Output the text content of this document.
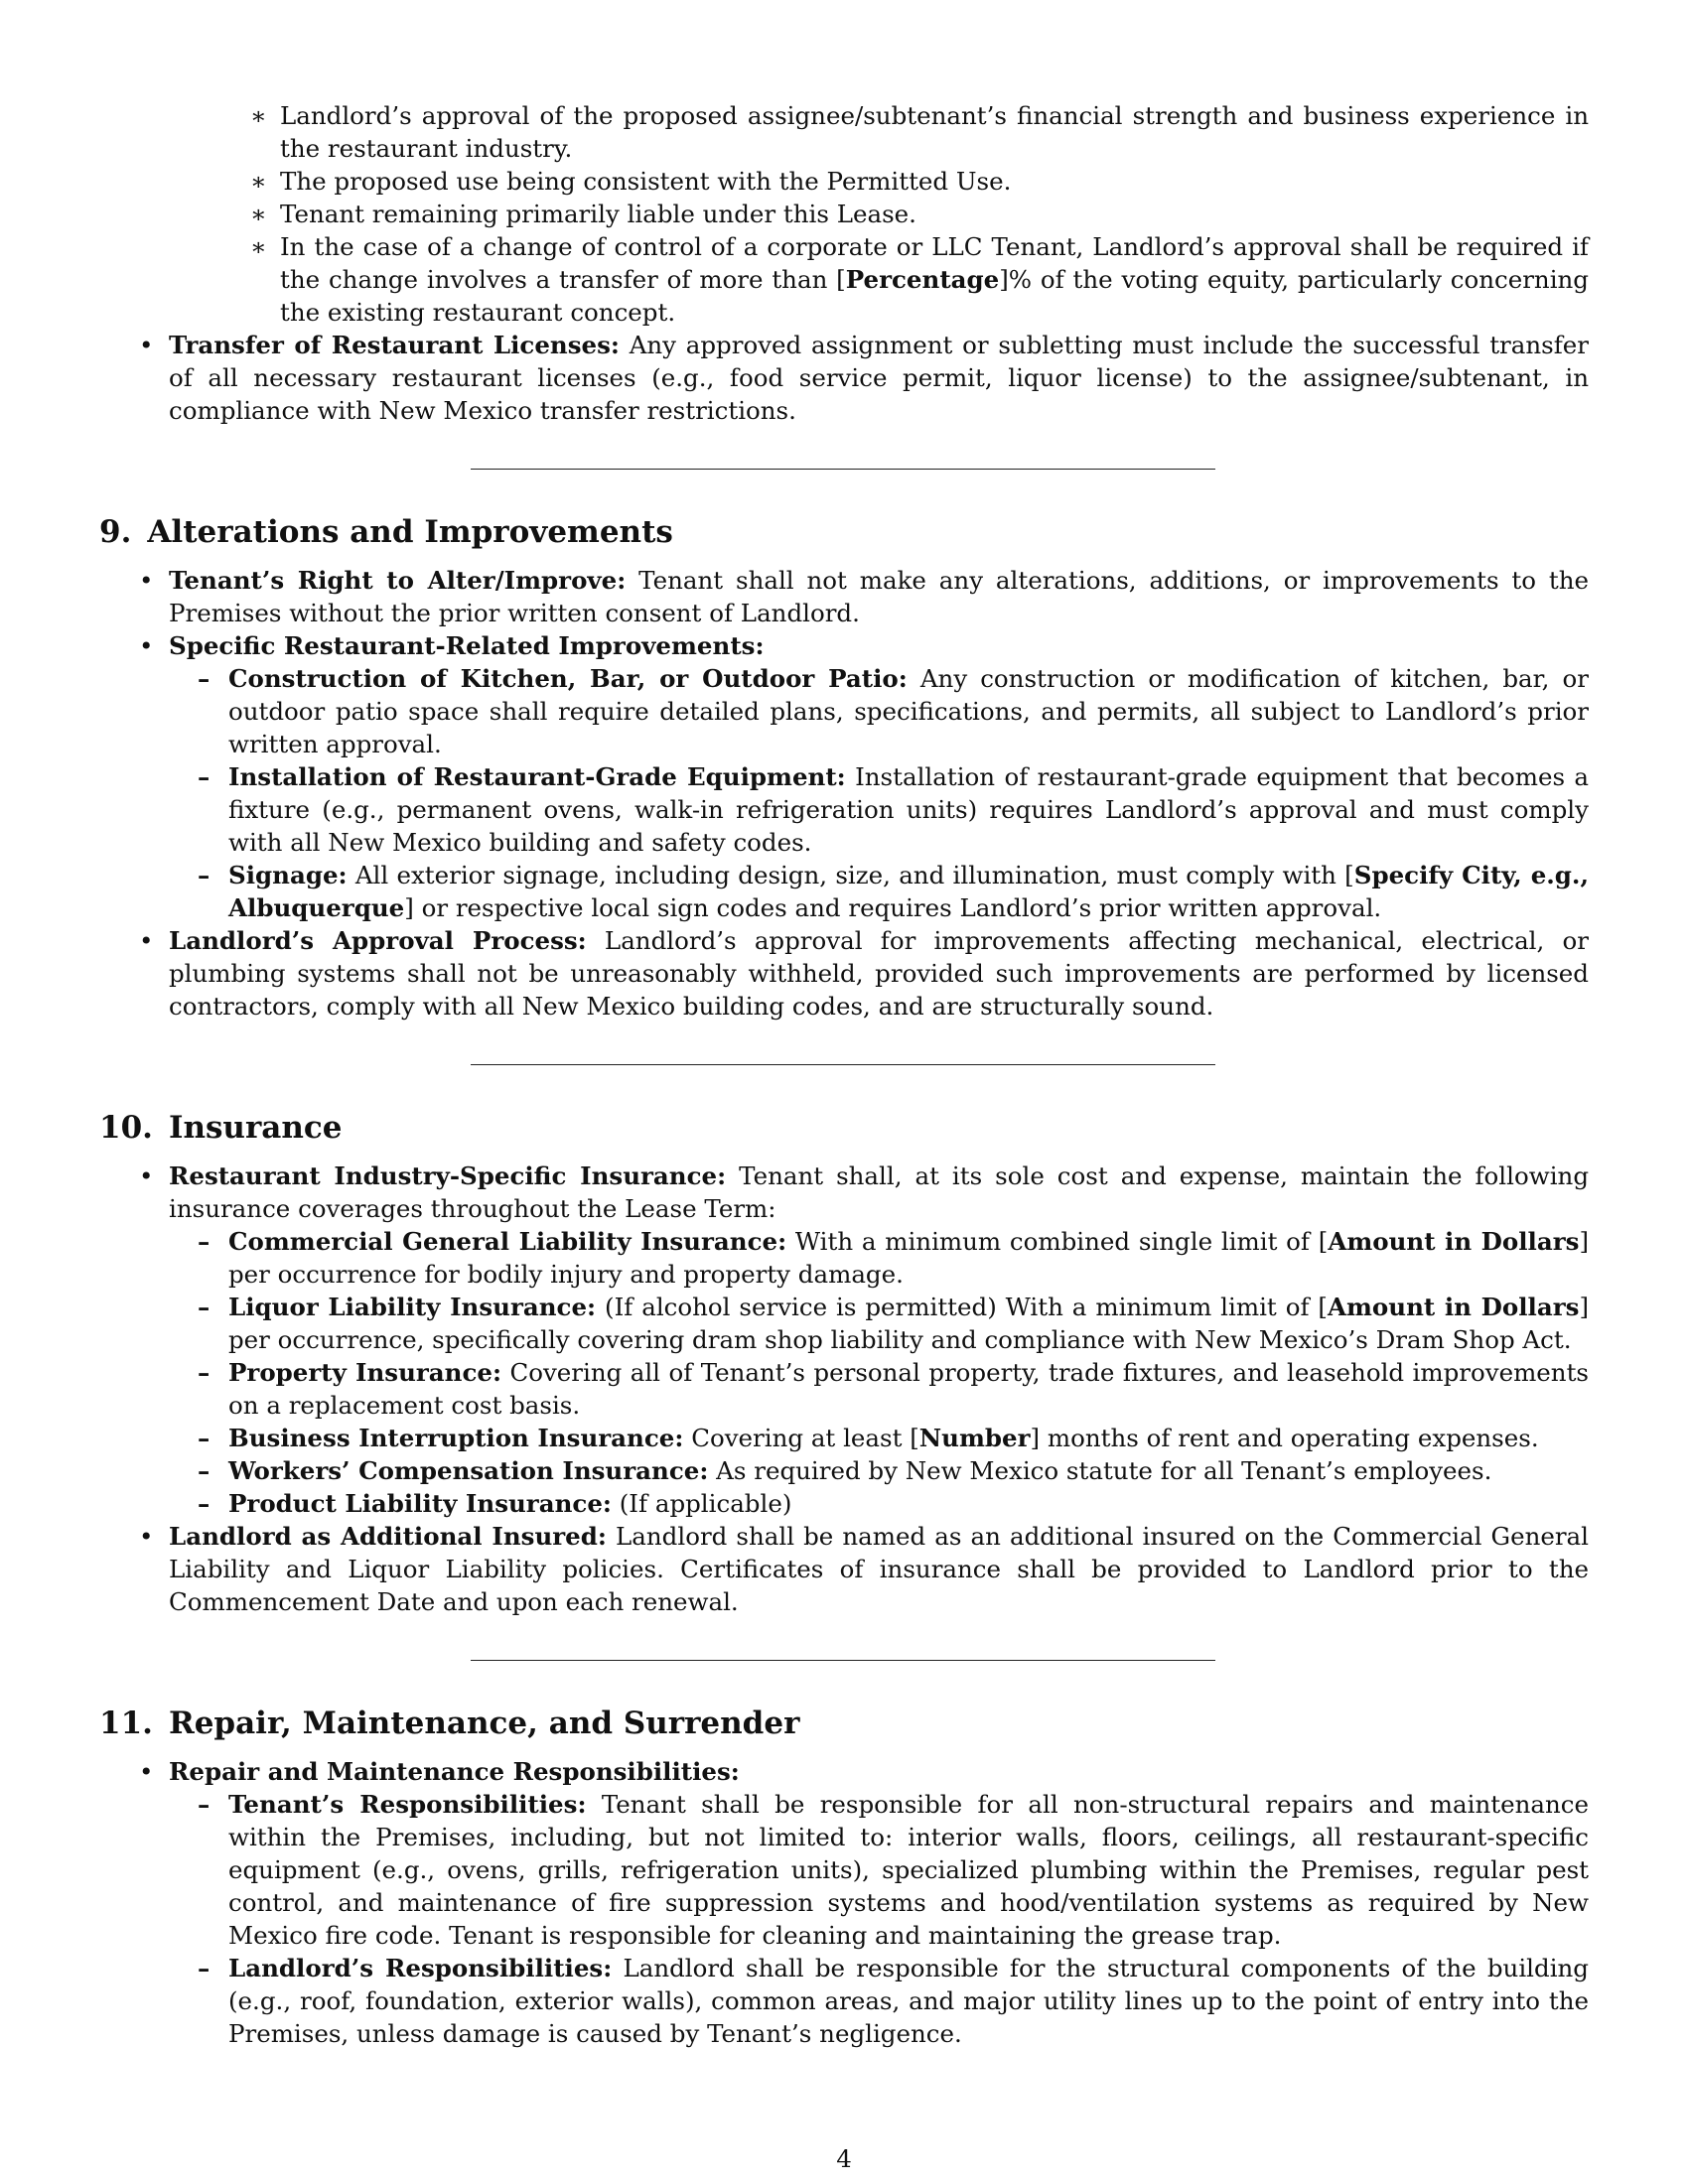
∗ Landlord’s approval of the proposed assignee/subtenant’s financial strength and business experience in the restaurant industry.
∗ The proposed use being consistent with the Permitted Use.
∗ Tenant remaining primarily liable under this Lease.
∗ In the case of a change of control of a corporate or LLC Tenant, Landlord’s approval shall be required if the change involves a transfer of more than [Percentage]% of the voting equity, particularly concerning the existing restaurant concept.
• Transfer of Restaurant Licenses: Any approved assignment or subletting must include the successful transfer of all necessary restaurant licenses (e.g., food service permit, liquor license) to the assignee/subtenant, in compliance with New Mexico transfer restrictions.
9. Alterations and Improvements
• Tenant’s Right to Alter/Improve: Tenant shall not make any alterations, additions, or improvements to the Premises without the prior written consent of Landlord.
• Specific Restaurant-Related Improvements:
– Construction of Kitchen, Bar, or Outdoor Patio: Any construction or modification of kitchen, bar, or outdoor patio space shall require detailed plans, specifications, and permits, all subject to Landlord’s prior written approval.
– Installation of Restaurant-Grade Equipment: Installation of restaurant-grade equipment that becomes a fixture (e.g., permanent ovens, walk-in refrigeration units) requires Landlord’s approval and must comply with all New Mexico building and safety codes.
– Signage: All exterior signage, including design, size, and illumination, must comply with [Specify City, e.g., Albuquerque] or respective local sign codes and requires Landlord’s prior written approval.
• Landlord’s Approval Process: Landlord’s approval for improvements affecting mechanical, electrical, or plumbing systems shall not be unreasonably withheld, provided such improvements are performed by licensed contractors, comply with all New Mexico building codes, and are structurally sound.
10. Insurance
• Restaurant Industry-Specific Insurance: Tenant shall, at its sole cost and expense, maintain the following insurance coverages throughout the Lease Term:
– Commercial General Liability Insurance: With a minimum combined single limit of [Amount in Dollars] per occurrence for bodily injury and property damage.
– Liquor Liability Insurance: (If alcohol service is permitted) With a minimum limit of [Amount in Dollars] per occurrence, specifically covering dram shop liability and compliance with New Mexico’s Dram Shop Act.
– Property Insurance: Covering all of Tenant’s personal property, trade fixtures, and leasehold improvements on a replacement cost basis.
– Business Interruption Insurance: Covering at least [Number] months of rent and operating expenses.
– Workers’ Compensation Insurance: As required by New Mexico statute for all Tenant’s employees.
– Product Liability Insurance: (If applicable)
• Landlord as Additional Insured: Landlord shall be named as an additional insured on the Commercial General Liability and Liquor Liability policies. Certificates of insurance shall be provided to Landlord prior to the Commencement Date and upon each renewal.
11. Repair, Maintenance, and Surrender
• Repair and Maintenance Responsibilities:
– Tenant’s Responsibilities: Tenant shall be responsible for all non-structural repairs and maintenance within the Premises, including, but not limited to: interior walls, floors, ceilings, all restaurant-specific equipment (e.g., ovens, grills, refrigeration units), specialized plumbing within the Premises, regular pest control, and maintenance of fire suppression systems and hood/ventilation systems as required by New Mexico fire code. Tenant is responsible for cleaning and maintaining the grease trap.
– Landlord’s Responsibilities: Landlord shall be responsible for the structural components of the building (e.g., roof, foundation, exterior walls), common areas, and major utility lines up to the point of entry into the Premises, unless damage is caused by Tenant’s negligence.
4
